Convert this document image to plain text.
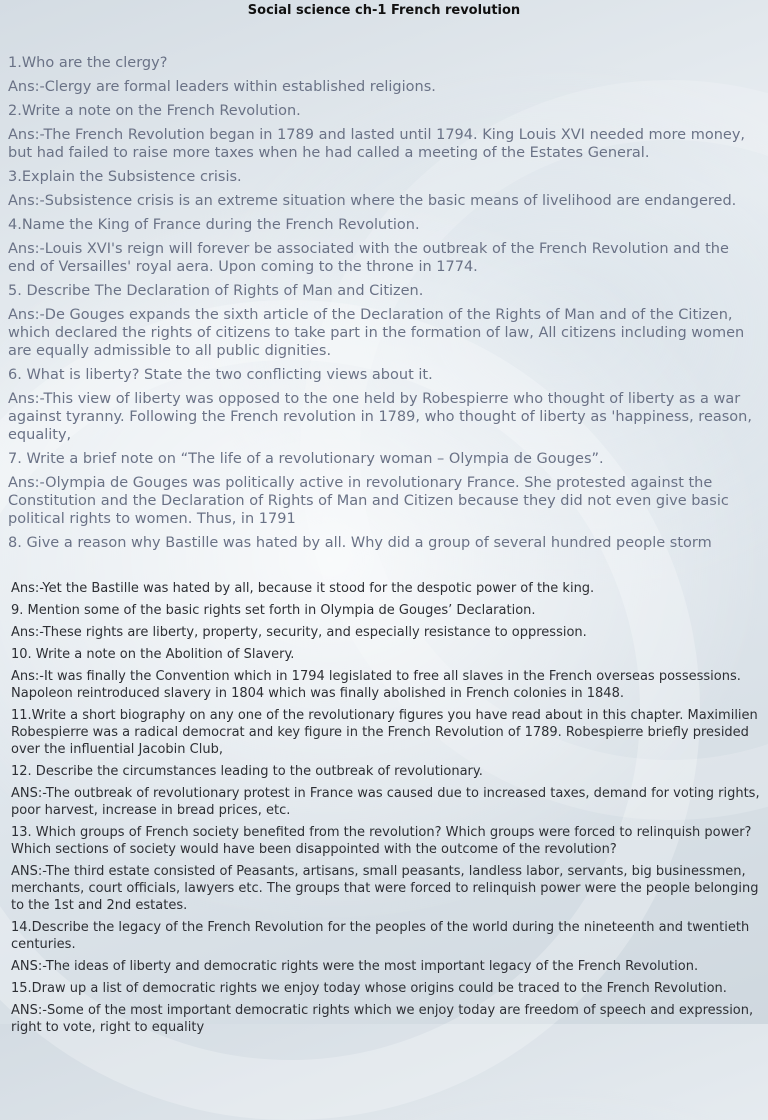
Social science ch-1 French revolution

1.Who are the clergy?

Ans:-Clergy are formal leaders within established religions.

2.Write a note on the French Revolution.

Ans:-The French Revolution began in 1789 and lasted until 1794. King Louis XVI needed more money, but had failed to raise more taxes when he had called a meeting of the Estates General.

3.Explain the Subsistence crisis.

Ans:-Subsistence crisis is an extreme situation where the basic means of livelihood are endangered.

4.Name the King of France during the French Revolution.

Ans:-Louis XVI's reign will forever be associated with the outbreak of the French Revolution and the end of Versailles' royal aera. Upon coming to the throne in 1774.

5. Describe The Declaration of Rights of Man and Citizen.

Ans:-De Gouges expands the sixth article of the Declaration of the Rights of Man and of the Citizen, which declared the rights of citizens to take part in the formation of law, All citizens including women are equally admissible to all public dignities.

6. What is liberty? State the two conflicting views about it.

Ans:-This view of liberty was opposed to the one held by Robespierre who thought of liberty as a war against tyranny. Following the French revolution in 1789, who thought of liberty as 'happiness, reason, equality,

7. Write a brief note on “The life of a revolutionary woman – Olympia de Gouges”.

Ans:-Olympia de Gouges was politically active in revolutionary France. She protested against the Constitution and the Declaration of Rights of Man and Citizen because they did not even give basic political rights to women. Thus, in 1791

8. Give a reason why Bastille was hated by all. Why did a group of several hundred people storm

Ans:-Yet the Bastille was hated by all, because it stood for the despotic power of the king.

9. Mention some of the basic rights set forth in Olympia de Gouges’ Declaration.

Ans:-These rights are liberty, property, security, and especially resistance to oppression.

10. Write a note on the Abolition of Slavery.

Ans:-It was finally the Convention which in 1794 legislated to free all slaves in the French overseas possessions. Napoleon reintroduced slavery in 1804 which was finally abolished in French colonies in 1848.

11.Write a short biography on any one of the revolutionary figures you have read about in this chapter. Maximilien Robespierre was a radical democrat and key figure in the French Revolution of 1789. Robespierre briefly presided over the influential Jacobin Club,

12. Describe the circumstances leading to the outbreak of revolutionary.

ANS:-The outbreak of revolutionary protest in France was caused due to increased taxes, demand for voting rights, poor harvest, increase in bread prices, etc.

13. Which groups of French society benefited from the revolution? Which groups were forced to relinquish power? Which sections of society would have been disappointed with the outcome of the revolution?

ANS:-The third estate consisted of Peasants, artisans, small peasants, landless labor, servants, big businessmen, merchants, court officials, lawyers etc. The groups that were forced to relinquish power were the people belonging to the 1st and 2nd estates.

14.Describe the legacy of the French Revolution for the peoples of the world during the nineteenth and twentieth centuries.

ANS:-The ideas of liberty and democratic rights were the most important legacy of the French Revolution.

15.Draw up a list of democratic rights we enjoy today whose origins could be traced to the French Revolution.

ANS:-Some of the most important democratic rights which we enjoy today are freedom of speech and expression, right to vote, right to equality
